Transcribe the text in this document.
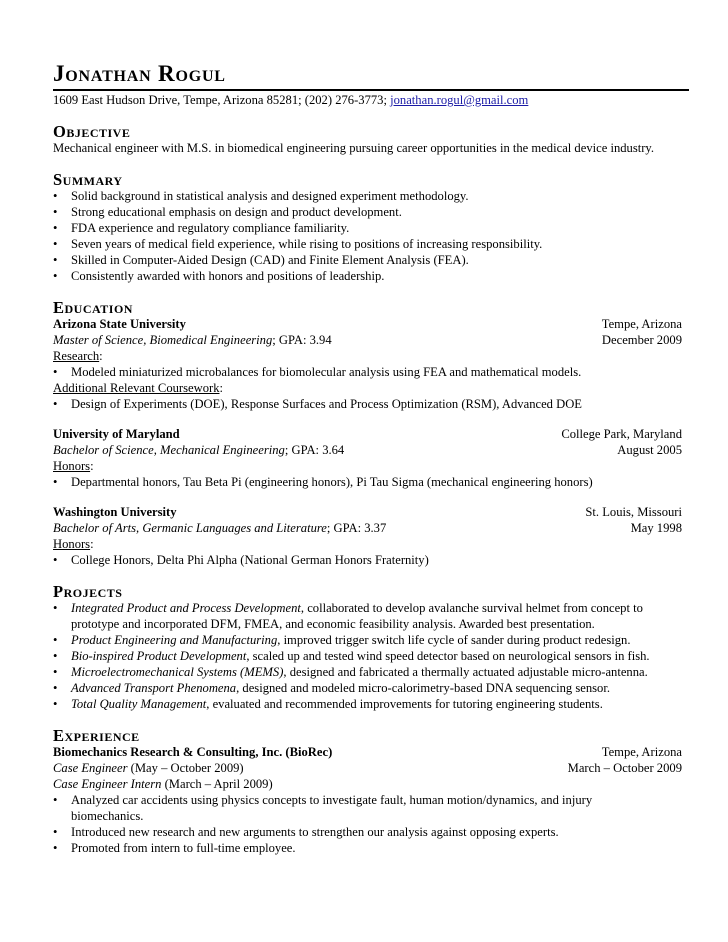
Jonathan Rogul
1609 East Hudson Drive, Tempe, Arizona 85281; (202) 276-3773; jonathan.rogul@gmail.com
Objective
Mechanical engineer with M.S. in biomedical engineering pursuing career opportunities in the medical device industry.
Summary
• Solid background in statistical analysis and designed experiment methodology.
• Strong educational emphasis on design and product development.
• FDA experience and regulatory compliance familiarity.
• Seven years of medical field experience, while rising to positions of increasing responsibility.
• Skilled in Computer-Aided Design (CAD) and Finite Element Analysis (FEA).
• Consistently awarded with honors and positions of leadership.
Education
Arizona State University	Tempe, Arizona
Master of Science, Biomedical Engineering; GPA: 3.94	December 2009
Research:
• Modeled miniaturized microbalances for biomolecular analysis using FEA and mathematical models.
Additional Relevant Coursework:
• Design of Experiments (DOE), Response Surfaces and Process Optimization (RSM), Advanced DOE
University of Maryland	College Park, Maryland
Bachelor of Science, Mechanical Engineering; GPA: 3.64	August 2005
Honors:
• Departmental honors, Tau Beta Pi (engineering honors), Pi Tau Sigma (mechanical engineering honors)
Washington University	St. Louis, Missouri
Bachelor of Arts, Germanic Languages and Literature; GPA: 3.37	May 1998
Honors:
• College Honors, Delta Phi Alpha (National German Honors Fraternity)
Projects
• Integrated Product and Process Development, collaborated to develop avalanche survival helmet from concept to
prototype and incorporated DFM, FMEA, and economic feasibility analysis. Awarded best presentation.
• Product Engineering and Manufacturing, improved trigger switch life cycle of sander during product redesign.
• Bio-inspired Product Development, scaled up and tested wind speed detector based on neurological sensors in fish.
• Microelectromechanical Systems (MEMS), designed and fabricated a thermally actuated adjustable micro-antenna.
• Advanced Transport Phenomena, designed and modeled micro-calorimetry-based DNA sequencing sensor.
• Total Quality Management, evaluated and recommended improvements for tutoring engineering students.
Experience
Biomechanics Research & Consulting, Inc. (BioRec)	Tempe, Arizona
Case Engineer (May – October 2009)	March – October 2009
Case Engineer Intern (March – April 2009)
• Analyzed car accidents using physics concepts to investigate fault, human motion/dynamics, and injury
biomechanics.
• Introduced new research and new arguments to strengthen our analysis against opposing experts.
• Promoted from intern to full-time employee.
